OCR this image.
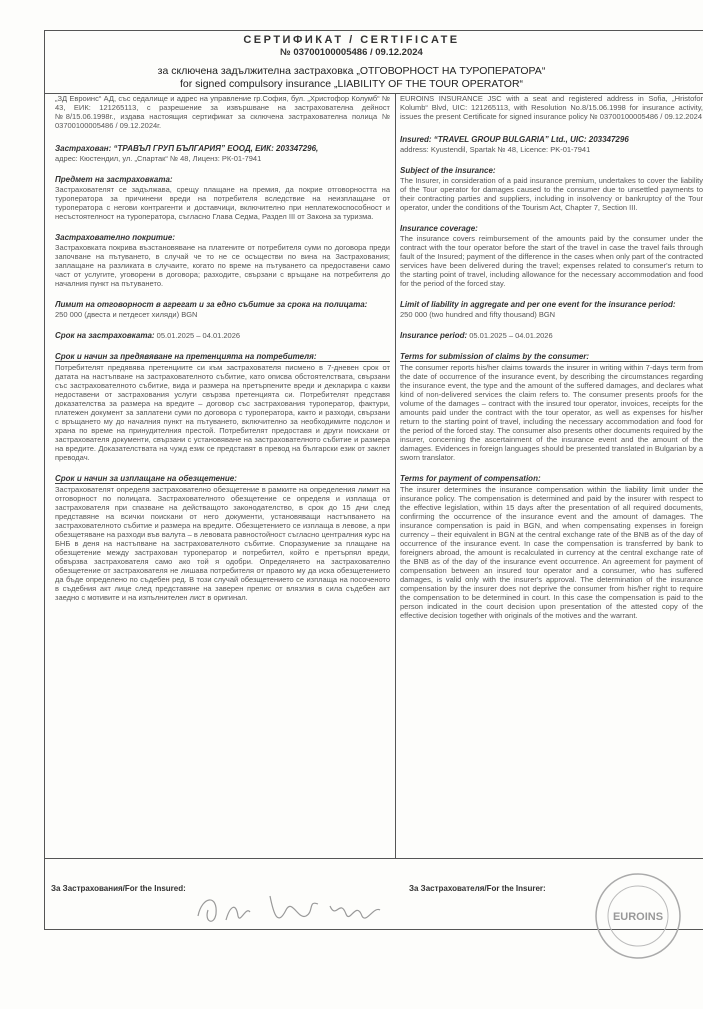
СЕРТИФИКАТ / CERTIFICATE
№ 03700100005486 / 09.12.2024
за сключена задължителна застраховка „ОТГОВОРНОСТ НА ТУРОПЕРАТОРА“
for signed compulsory insurance „LIABILITY OF THE TOUR OPERATOR“
„ЗД Евроинс“ АД, със седалище и адрес на управление гр.София, бул. „Христофор Колумб“ № 43, ЕИК: 121265113, с разрешение за извършване на застрахователна дейност №8/15.06.1998г., издава настоящия сертификат за сключена застрахователна полица № 03700100005486 / 09.12.2024г.
Застрахован: “ТРАВЪЛ ГРУП БЪЛГАРИЯ” ЕООД, ЕИК: 203347296,
адрес: Кюстендил, ул. „Спартак“ № 48, Лиценз: РК-01-7941
Предмет на застраховката:
Застрахователят се задължава, срещу плащане на премия, да покрие отговорността на туроператора за причинени вреди на потребителя вследствие на неизплащане от туроператора с негови контрагенти и доставчици, включително при неплатежоспособност и несъстоятелност на туроператора, съгласно Глава Седма, Раздел III от Закона за туризма.
Застрахователно покритие:
Застраховката покрива възстановяване на платените от потребителя суми по договора преди започване на пътуването, в случай че то не се осъществи по вина на Застрахования; заплащане на разликата в случаите, когато по време на пътуването са предоставени само част от услугите, уговорени в договора; разходите, свързани с връщане на потребителя до началния пункт на пътуването.
Лимит на отговорност в агрегат и за едно събитие за срока на полицата:
250 000 (двеста и петдесет хиляди) BGN
Срок на застраховката: 05.01.2025 – 04.01.2026
Срок и начин за предявяване на претенцията на потребителя:
Потребителят предявява претенциите си към застрахователя писмено в 7-дневен срок от датата на настъпване на застрахователното събитие, като описва обстоятелствата, свързани със застрахователното събитие, вида и размера на претърпените вреди и декларира с какви недоставени от застрахования услуги свързва претенцията си. Потребителят представя доказателства за размера на вредите – договор със застрахования туроператор, фактури, платежен документ за заплатени суми по договора с туроператора, както и разходи, свързани с връщането му до началния пункт на пътуването, включително за необходимите подслон и храна по време на принудителния престой. Потребителят предоставя и други поискани от застрахователя документи, свързани с установяване на застрахователното събитие и размера на вредите. Доказателствата на чужд език се представят в превод на български език от заклет преводач.
Срок и начин за изплащане на обезщетение:
Застрахователят определя застрахователно обезщетение в рамките на определения лимит на отговорност по полицата. Застрахователното обезщетение се определя и изплаща от застрахователя при спазване на действащото законодателство, в срок до 15 дни след представяне на всички поискани от него документи, установяващи настъпването на застрахователното събитие и размера на вредите. Обезщетението се изплаща в левове, а при обезщетяване на разходи във валута – в левовата равностойност съгласно централния курс на БНБ в деня на настъпване на застрахователното събитие. Споразумение за плащане на обезщетение между застрахован туроператор и потребител, който е претърпял вреди, обвързва застрахователя само ако той я одобри. Определянето на застрахователно обезщетение от застрахователя не лишава потребителя от правото му да иска обезщетението да бъде определено по съдебен ред. В този случай обезщетението се изплаща на посоченото в съдебния акт лице след представяне на заверен препис от влязлия в сила съдебен акт заедно с мотивите и на изпълнителен лист в оригинал.
EUROINS INSURANCE JSC with a seat and registered address in Sofia, „Hristofor Kolumb“ Blvd, UIC: 121265113, with Resolution No.8/15.06.1998 for insurance activity, issues the present Certificate for signed insurance policy № 03700100005486 / 09.12.2024
Insured: “TRAVEL GROUP BULGARIA” Ltd., UIC: 203347296
address: Kyustendil, Spartak № 48, Licence: PK-01-7941
Subject of the insurance:
The Insurer, in consideration of a paid insurance premium, undertakes to cover the liability of the Tour operator for damages caused to the consumer due to unsettled payments to their contracting parties and suppliers, including in insolvency or bankruptcy of the Tour operator, under the conditions of the Tourism Act, Chapter 7, Section III.
Insurance coverage:
The insurance covers reimbursement of the amounts paid by the consumer under the contract with the tour operator before the start of the travel in case the travel fails through fault of the Insured; payment of the difference in the cases when only part of the contracted services have been delivered during the travel; expenses related to consumer's return to the starting point of travel, including allowance for the necessary accommodation and food for the period of the forced stay.
Limit of liability in aggregate and per one event for the insurance period:
250 000 (two hundred and fifty thousand) BGN
Insurance period: 05.01.2025 – 04.01.2026
Terms for submission of claims by the consumer:
The consumer reports his/her claims towards the insurer in writing within 7-days term from the date of occurrence of the insurance event, by describing the circumstances regarding the insurance event, the type and the amount of the suffered damages, and declares what kind of non-delivered services the claim refers to. The consumer presents proofs for the volume of the damages – contract with the insured tour operator, invoices, receipts for the amounts paid under the contract with the tour operator, as well as expenses for his/her return to the starting point of travel, including the necessary accommodation and food for the period of the forced stay. The consumer also presents other documents required by the insurer, concerning the ascertainment of the insurance event and the amount of the damages. Evidences in foreign languages should be presented translated in Bulgarian by a sworn translator.
Terms for payment of compensation:
The insurer determines the insurance compensation within the liability limit under the insurance policy. The compensation is determined and paid by the insurer with respect to the effective legislation, within 15 days after the presentation of all required documents, confirming the occurrence of the insurance event and the amount of damages. The insurance compensation is paid in BGN, and when compensating expenses in foreign currency – their equivalent in BGN at the central exchange rate of the BNB as of the day of occurrence of the insurance event. In case the compensation is transferred by bank to foreigners abroad, the amount is recalculated in currency at the central exchange rate of the BNB as of the day of the insurance event occurrence. An agreement for payment of compensation between an insured tour operator and a consumer, who has suffered damages, is valid only with the insurer's approval. The determination of the insurance compensation by the insurer does not deprive the consumer from his/her right to require the compensation to be determined in court. In this case the compensation is paid to the person indicated in the court decision upon presentation of the attested copy of the effective decision together with originals of the motives and the warrant.
За Застрахования/For the Insured:	За Застрахователя/For the Insurer:
EUROINS
